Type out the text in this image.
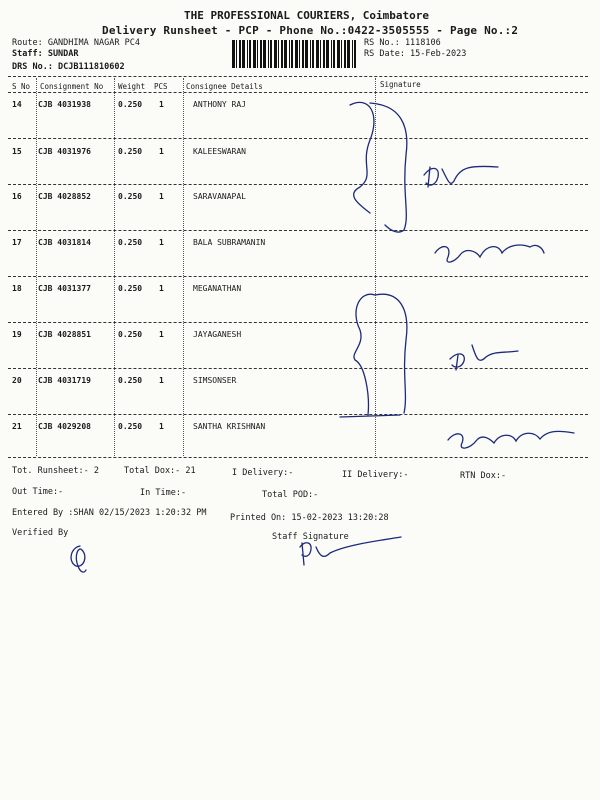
THE PROFESSIONAL COURIERS, Coimbatore
Delivery Runsheet - PCP - Phone No.:0422-3505555 - Page No.:2
Route: GANDHIMA NAGAR PC4
Staff: SUNDAR
DRS No.: DCJB111810602
RS No.: 1118106
RS Date: 15-Feb-2023
S No Consignment No Weight PCS Consignee Details	Signature
14 CJB 4031938	0.250 1	ANTHONY RAJ
15 CJB 4031976	0.250 1	KALEESWARAN
16 CJB 4028852	0.250 1	SARAVANAPAL
17 CJB 4031814	0.250 1	BALA SUBRAMANIN
18 CJB 4031377	0.250 1	MEGANATHAN
19 CJB 4028851	0.250 1	JAYAGANESH
20 CJB 4031719	0.250 1	SIMSONSER
21 CJB 4029208	0.250 1	SANTHA KRISHNAN
Tot. Runsheet:- 2	Total Dox:- 21	I Delivery:-	II Delivery:-	RTN Dox:-
Out Time:-	In Time:-	Total POD:-
Entered By :SHAN 02/15/2023 1:20:32 PM	Printed On: 15-02-2023 13:20:28
Verified By	Staff Signature
